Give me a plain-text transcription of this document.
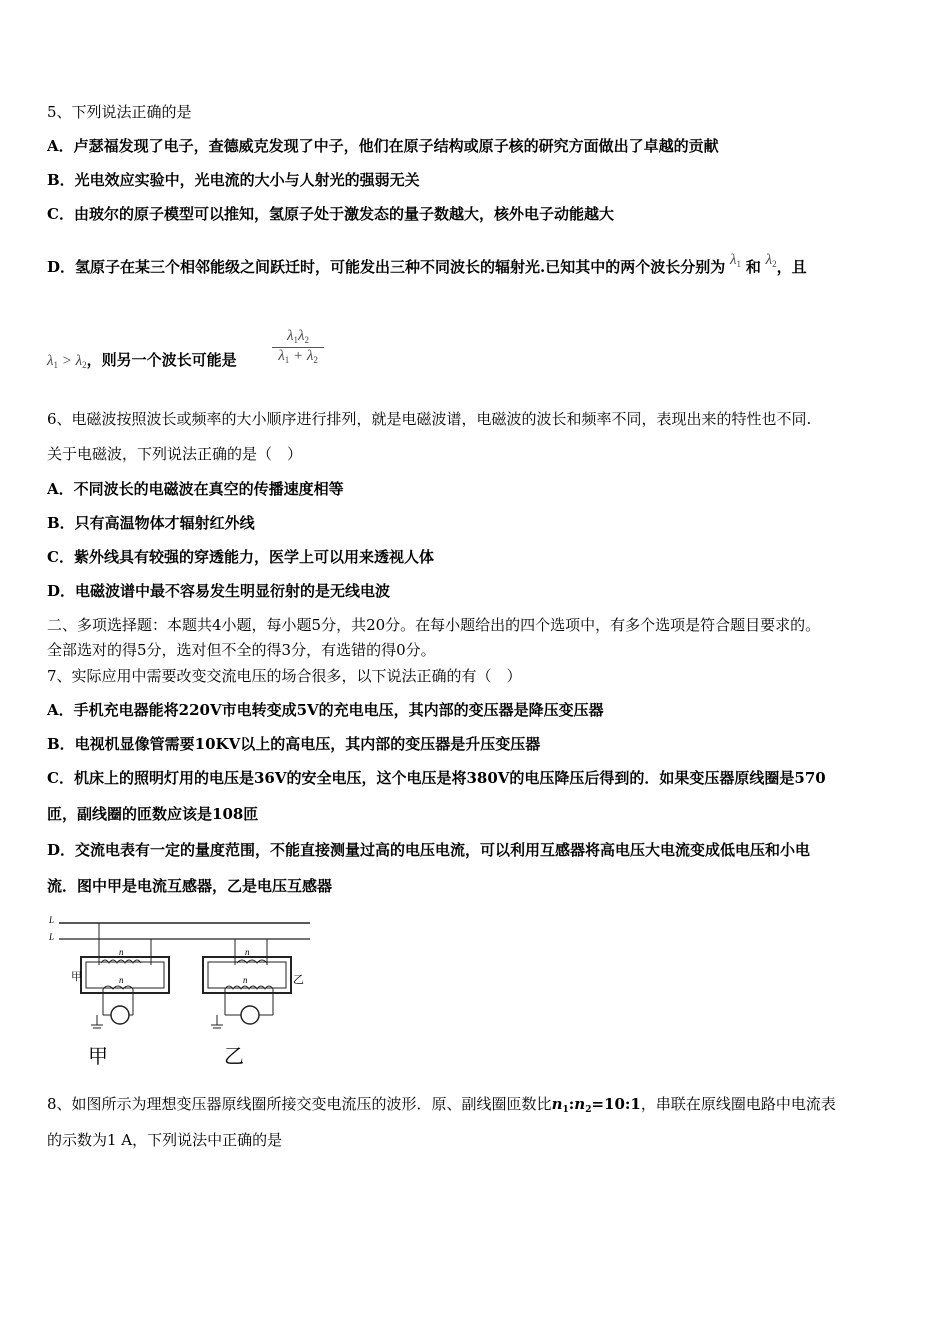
5、下列说法正确的是
A．卢瑟福发现了电子，查德威克发现了中子，他们在原子结构或原子核的研究方面做出了卓越的贡献
B．光电效应实验中，光电流的大小与人射光的强弱无关
C．由玻尔的原子模型可以推知，氢原子处于激发态的量子数越大，核外电子动能越大
D．氢原子在某三个相邻能级之间跃迁时，可能发出三种不同波长的辐射光.已知其中的两个波长分别为 $\lambda_1$ 和 $\lambda_2$，且
$\lambda_1 > \lambda_2$，则另一个波长可能是 $\frac{\lambda_1\lambda_2}{\lambda_1 + \lambda_2}$
6、电磁波按照波长或频率的大小顺序进行排列，就是电磁波谱，电磁波的波长和频率不同，表现出来的特性也不同.
关于电磁波，下列说法正确的是（　）
A．不同波长的电磁波在真空的传播速度相等
B．只有高温物体才辐射红外线
C．紫外线具有较强的穿透能力，医学上可以用来透视人体
D．电磁波谱中最不容易发生明显衍射的是无线电波
二、多项选择题：本题共4小题，每小题5分，共20分。在每小题给出的四个选项中，有多个选项是符合题目要求的。
全部选对的得5分，选对但不全的得3分，有选错的得0分。
7、实际应用中需要改变交流电压的场合很多，以下说法正确的有（　）
A．手机充电器能将220V市电转变成5V的充电电压，其内部的变压器是降压变压器
B．电视机显像管需要10KV以上的高电压，其内部的变压器是升压变压器
C．机床上的照明灯用的电压是36V的安全电压，这个电压是将380V的电压降压后得到的．如果变压器原线圈是570
匝，副线圈的匝数应该是108匝
D．交流电表有一定的量度范围，不能直接测量过高的电压电流，可以利用互感器将高电压大电流变成低电压和小电
流．图中甲是电流互感器，乙是电压互感器
L
L
n
n
甲
n
n	乙
甲	乙
8、如图所示为理想变压器原线圈所接交变电流压的波形．原、副线圈匝数比$n_1:n_2=10:1$，串联在原线圈电路中电流表
的示数为1 A，下列说法中正确的是
